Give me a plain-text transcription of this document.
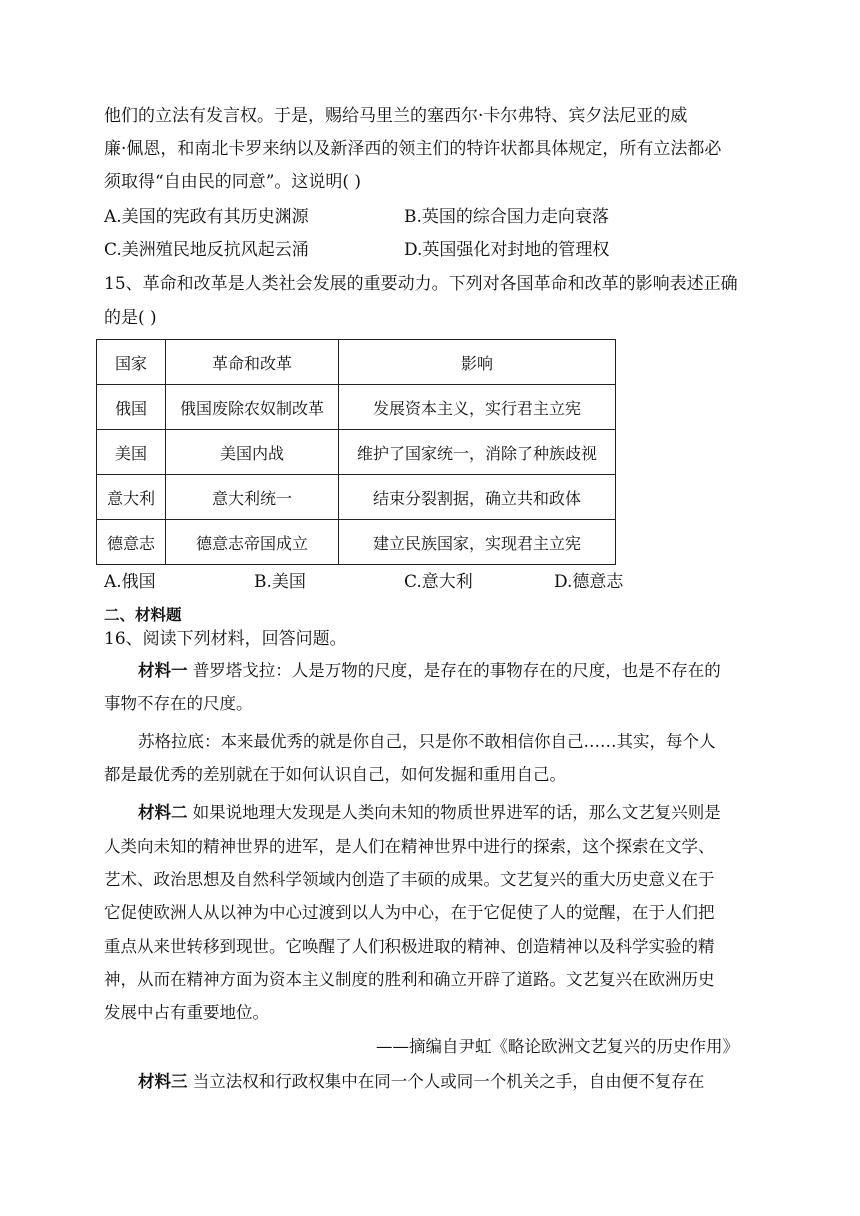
他们的立法有发言权。于是，赐给马里兰的塞西尔·卡尔弗特、宾夕法尼亚的威
廉·佩恩，和南北卡罗来纳以及新泽西的领主们的特许状都具体规定，所有立法都必
须取得“自由民的同意”。这说明( )
A.美国的宪政有其历史渊源	B.英国的综合国力走向衰落
C.美洲殖民地反抗风起云涌	D.英国强化对封地的管理权
15、革命和改革是人类社会发展的重要动力。下列对各国革命和改革的影响表述正确
的是( )
国家	革命和改革	影响
俄国	俄国废除农奴制改革	发展资本主义，实行君主立宪
美国	美国内战	维护了国家统一，消除了种族歧视
意大利	意大利统一	结束分裂割据，确立共和政体
德意志	德意志帝国成立	建立民族国家，实现君主立宪
A.俄国	B.美国	C.意大利	D.德意志
二、材料题
16、阅读下列材料，回答问题。
材料一 普罗塔戈拉：人是万物的尺度，是存在的事物存在的尺度，也是不存在的
事物不存在的尺度。
苏格拉底：本来最优秀的就是你自己，只是你不敢相信你自己……其实，每个人
都是最优秀的差别就在于如何认识自己，如何发掘和重用自己。
材料二 如果说地理大发现是人类向未知的物质世界进军的话，那么文艺复兴则是
人类向未知的精神世界的进军，是人们在精神世界中进行的探索，这个探索在文学、
艺术、政治思想及自然科学领域内创造了丰硕的成果。文艺复兴的重大历史意义在于
它促使欧洲人从以神为中心过渡到以人为中心，在于它促使了人的觉醒，在于人们把
重点从来世转移到现世。它唤醒了人们积极进取的精神、创造精神以及科学实验的精
神，从而在精神方面为资本主义制度的胜利和确立开辟了道路。文艺复兴在欧洲历史
发展中占有重要地位。
——摘编自尹虹《略论欧洲文艺复兴的历史作用》
材料三 当立法权和行政权集中在同一个人或同一个机关之手，自由便不复存在
